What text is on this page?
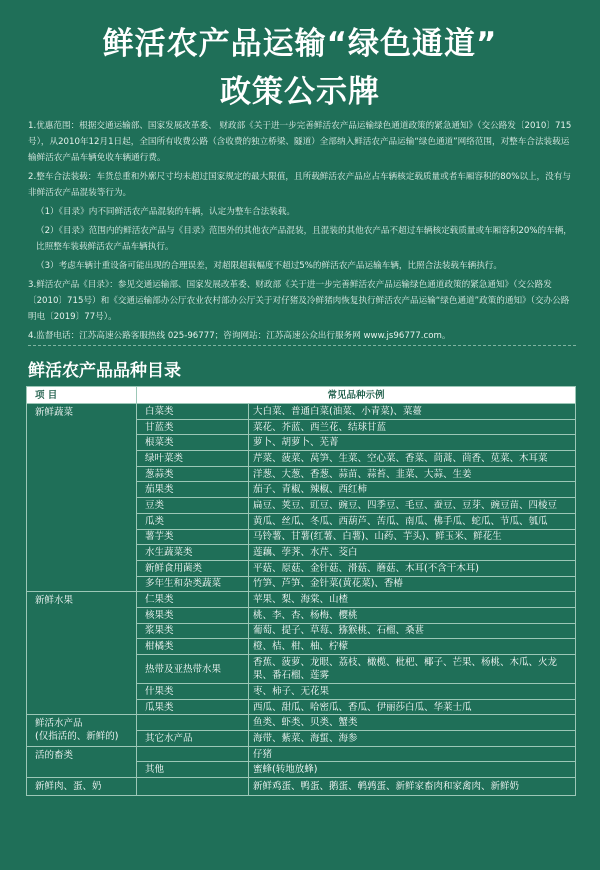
鲜活农产品运输“绿色通道”
政策公示牌

1.优惠范围：根据交通运输部、国家发展改革委、 财政部《关于进一步完善鲜活农产品运输绿色通道政策的紧急通知》（交公路发〔2010〕715号），从2010年12月1日起，全国所有收费公路（含收费的独立桥梁、隧道）全部纳入鲜活农产品运输“绿色通道”网络范围，对整车合法装载运输鲜活农产品车辆免收车辆通行费。

2.整车合法装载：车货总重和外廓尺寸均未超过国家规定的最大限值，且所载鲜活农产品应占车辆核定载质量或者车厢容积的80%以上，没有与非鲜活农产品混装等行为。

（1）《目录》内不同鲜活农产品混装的车辆，认定为整车合法装载。

（2）《目录》范围内的鲜活农产品与《目录》范围外的其他农产品混装，且混装的其他农产品不超过车辆核定载质量或车厢容积20%的车辆，比照整车装载鲜活农产品车辆执行。

（3）考虑车辆计重设备可能出现的合理误差，对超限超载幅度不超过5%的鲜活农产品运输车辆，比照合法装载车辆执行。

3.鲜活农产品《目录》：参见交通运输部、国家发展改革委、财政部《关于进一步完善鲜活农产品运输绿色通道政策的紧急通知》（交公路发〔2010〕715号）和《交通运输部办公厅农业农村部办公厅关于对仔猪及冷鲜猪肉恢复执行鲜活农产品运输“绿色通道”政策的通知》（交办公路明电〔2019〕77号）。

4.监督电话：江苏高速公路客服热线 025-96777；咨询网站：江苏高速公众出行服务网 www.js96777.com。

鲜活农产品品种目录
项 目	常见品种示例	
新鲜蔬菜	白菜类	大白菜、普通白菜(油菜、小青菜)、菜薹
	甘蓝类	菜花、芥蓝、西兰花、结球甘蓝
	根菜类	萝卜、胡萝卜、芜菁
	绿叶菜类	芹菜、菠菜、莴笋、生菜、空心菜、香菜、茼蒿、茴香、苋菜、木耳菜
	葱蒜类	洋葱、大葱、香葱、蒜苗、蒜苔、韭菜、大蒜、生姜
	茄果类	茄子、青椒、辣椒、西红柿
	豆类	扁豆、荚豆、豇豆、豌豆、四季豆、毛豆、蚕豆、豆芽、豌豆苗、四棱豆
	瓜类	黄瓜、丝瓜、冬瓜、西葫芦、苦瓜、南瓜、佛手瓜、蛇瓜、节瓜、瓠瓜
	薯芋类	马铃薯、甘薯(红薯、白薯)、山药、芋头)、鲜玉米、鲜花生
	水生蔬菜类	莲藕、荸荠、水芹、茭白
	新鲜食用菌类	平菇、原菇、金针菇、滑菇、蘑菇、木耳(不含干木耳)
	多年生和杂类蔬菜	竹笋、芦笋、金针菜(黄花菜)、香椿
新鲜水果	仁果类	苹果、梨、海棠、山楂
	核果类	桃、李、杏、杨梅、樱桃
	浆果类	葡萄、提子、草莓、猕猴桃、石榴、桑葚
	柑橘类	橙、桔、柑、柚、柠檬
	热带及亚热带水果	香蕉、菠萝、龙眼、荔枝、橄榄、枇杷、椰子、芒果、杨桃、木瓜、火龙果、番石榴、莲雾
	什果类	枣、柿子、无花果
	瓜果类	西瓜、甜瓜、哈密瓜、香瓜、伊丽莎白瓜、华莱士瓜
鲜活水产品
(仅指活的、新鲜的)		鱼类、虾类、贝类、蟹类
	其它水产品	海带、紫菜、海蜇、海参
活的畜类		仔猪
	其他	蜜蜂(转地放蜂)
新鲜肉、蛋、奶		新鲜鸡蛋、鸭蛋、鹅蛋、鹌鹑蛋、新鲜家畜肉和家禽肉、新鲜奶
